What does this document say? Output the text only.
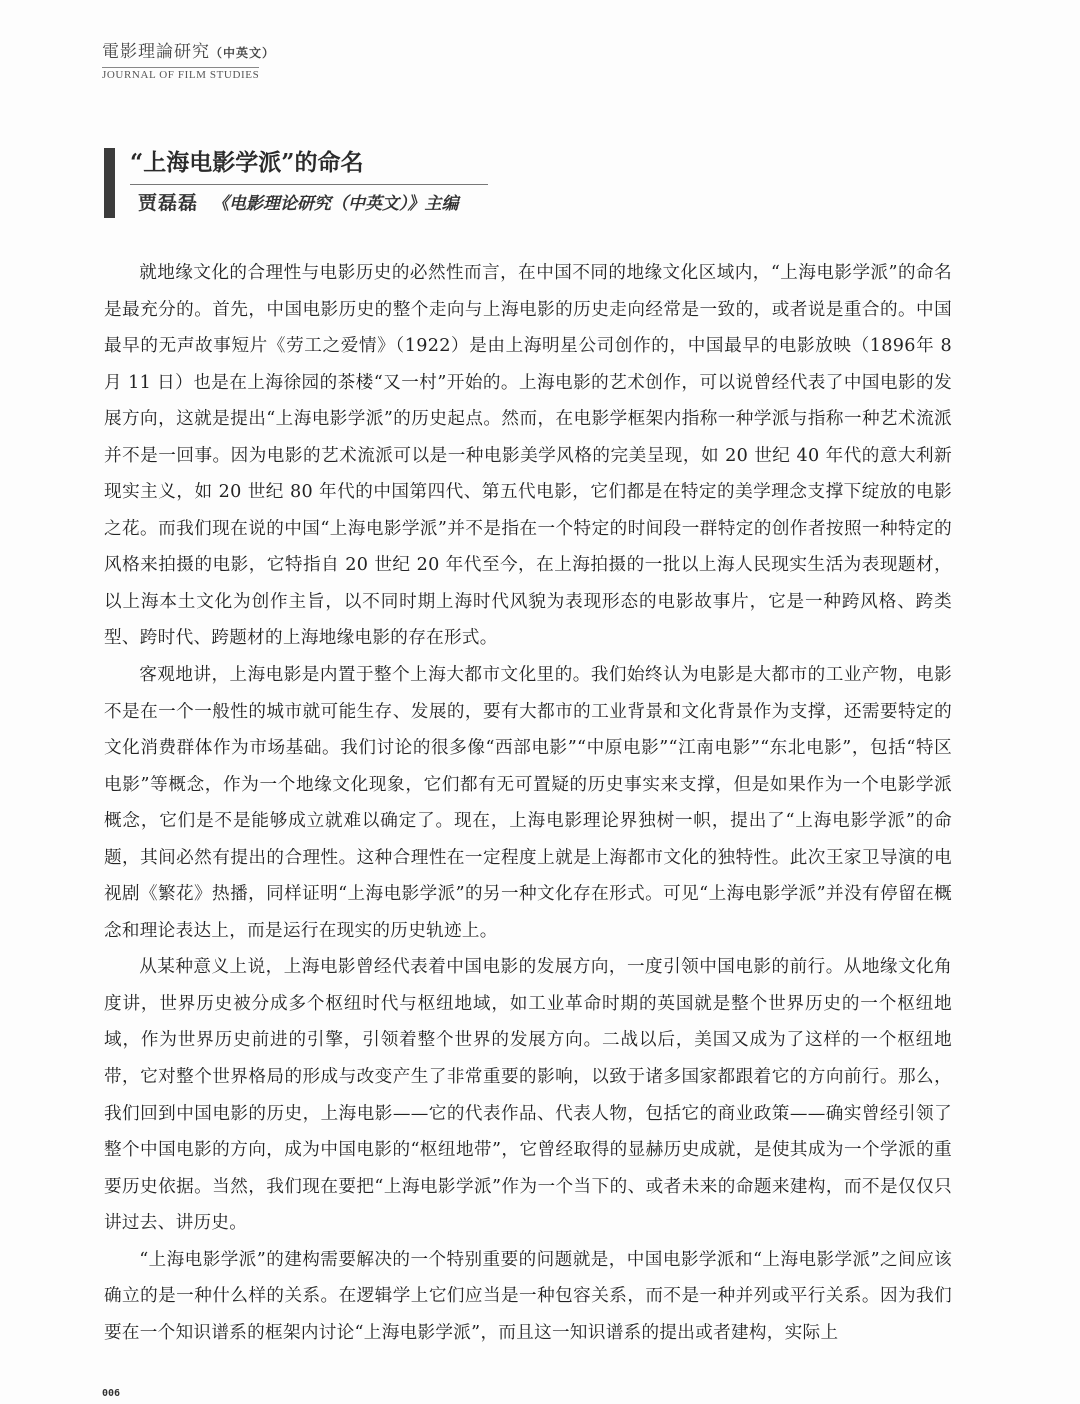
電影理論研究（中英文）
JOURNAL OF FILM STUDIES
“上海电影学派”的命名
贾磊磊 《电影理论研究（中英文）》主编

就地缘文化的合理性与电影历史的必然性而言，在中国不同的地缘文化区域内，“上海电影学派”的命名是最充分的。首先，中国电影历史的整个走向与上海电影的历史走向经常是一致的，或者说是重合的。中国最早的无声故事短片《劳工之爱情》（1922）是由上海明星公司创作的，中国最早的电影放映（1896年 8 月 11 日）也是在上海徐园的茶楼“又一村”开始的。上海电影的艺术创作，可以说曾经代表了中国电影的发展方向，这就是提出“上海电影学派”的历史起点。然而，在电影学框架内指称一种学派与指称一种艺术流派并不是一回事。因为电影的艺术流派可以是一种电影美学风格的完美呈现，如 20 世纪 40 年代的意大利新现实主义，如 20 世纪 80 年代的中国第四代、第五代电影，它们都是在特定的美学理念支撑下绽放的电影之花。而我们现在说的中国“上海电影学派”并不是指在一个特定的时间段一群特定的创作者按照一种特定的风格来拍摄的电影，它特指自 20 世纪 20 年代至今，在上海拍摄的一批以上海人民现实生活为表现题材，以上海本土文化为创作主旨，以不同时期上海时代风貌为表现形态的电影故事片，它是一种跨风格、跨类型、跨时代、跨题材的上海地缘电影的存在形式。

客观地讲，上海电影是内置于整个上海大都市文化里的。我们始终认为电影是大都市的工业产物，电影不是在一个一般性的城市就可能生存、发展的，要有大都市的工业背景和文化背景作为支撑，还需要特定的文化消费群体作为市场基础。我们讨论的很多像“西部电影”“中原电影”“江南电影”“东北电影”，包括“特区电影”等概念，作为一个地缘文化现象，它们都有无可置疑的历史事实来支撑，但是如果作为一个电影学派概念，它们是不是能够成立就难以确定了。现在，上海电影理论界独树一帜，提出了“上海电影学派”的命题，其间必然有提出的合理性。这种合理性在一定程度上就是上海都市文化的独特性。此次王家卫导演的电视剧《繁花》热播，同样证明“上海电影学派”的另一种文化存在形式。可见“上海电影学派”并没有停留在概念和理论表达上，而是运行在现实的历史轨迹上。

从某种意义上说，上海电影曾经代表着中国电影的发展方向，一度引领中国电影的前行。从地缘文化角度讲，世界历史被分成多个枢纽时代与枢纽地域，如工业革命时期的英国就是整个世界历史的一个枢纽地域，作为世界历史前进的引擎，引领着整个世界的发展方向。二战以后，美国又成为了这样的一个枢纽地带，它对整个世界格局的形成与改变产生了非常重要的影响，以致于诸多国家都跟着它的方向前行。那么，我们回到中国电影的历史，上海电影——它的代表作品、代表人物，包括它的商业政策——确实曾经引领了整个中国电影的方向，成为中国电影的“枢纽地带”，它曾经取得的显赫历史成就，是使其成为一个学派的重要历史依据。当然，我们现在要把“上海电影学派”作为一个当下的、或者未来的命题来建构，而不是仅仅只讲过去、讲历史。

“上海电影学派”的建构需要解决的一个特别重要的问题就是，中国电影学派和“上海电影学派”之间应该确立的是一种什么样的关系。在逻辑学上它们应当是一种包容关系，而不是一种并列或平行关系。因为我们要在一个知识谱系的框架内讨论“上海电影学派”，而且这一知识谱系的提出或者建构，实际上

006
